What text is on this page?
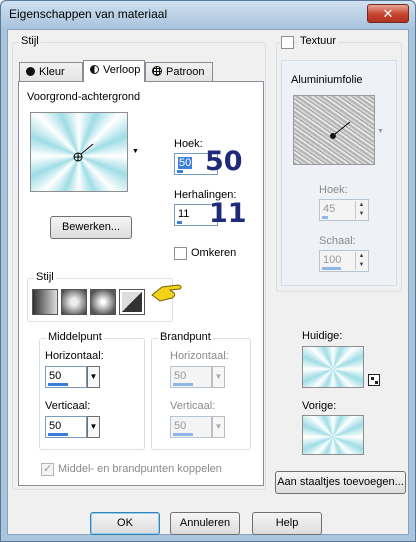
Eigenschappen van materiaal	✕
Stijl
Kleur	Verloop	Patroon
Voorgrond-achtergrond
▼
Hoek:
50 50
Herhalingen:
11 11
Bewerken...
Omkeren
Stijl
Middelpunt
Horizontaal:
50	▼
Verticaal:
50	▼
Brandpunt
Horizontaal:
50	▼
Verticaal:
50	▼
✓
Middel- en brandpunten koppelen
Textuur
Aluminiumfolie
▼
Hoek:
45	▲
▼
Schaal:
100	▲
▼
Huidige:
Vorige:
Aan staaltjes toevoegen...
OK	Annuleren	Help
